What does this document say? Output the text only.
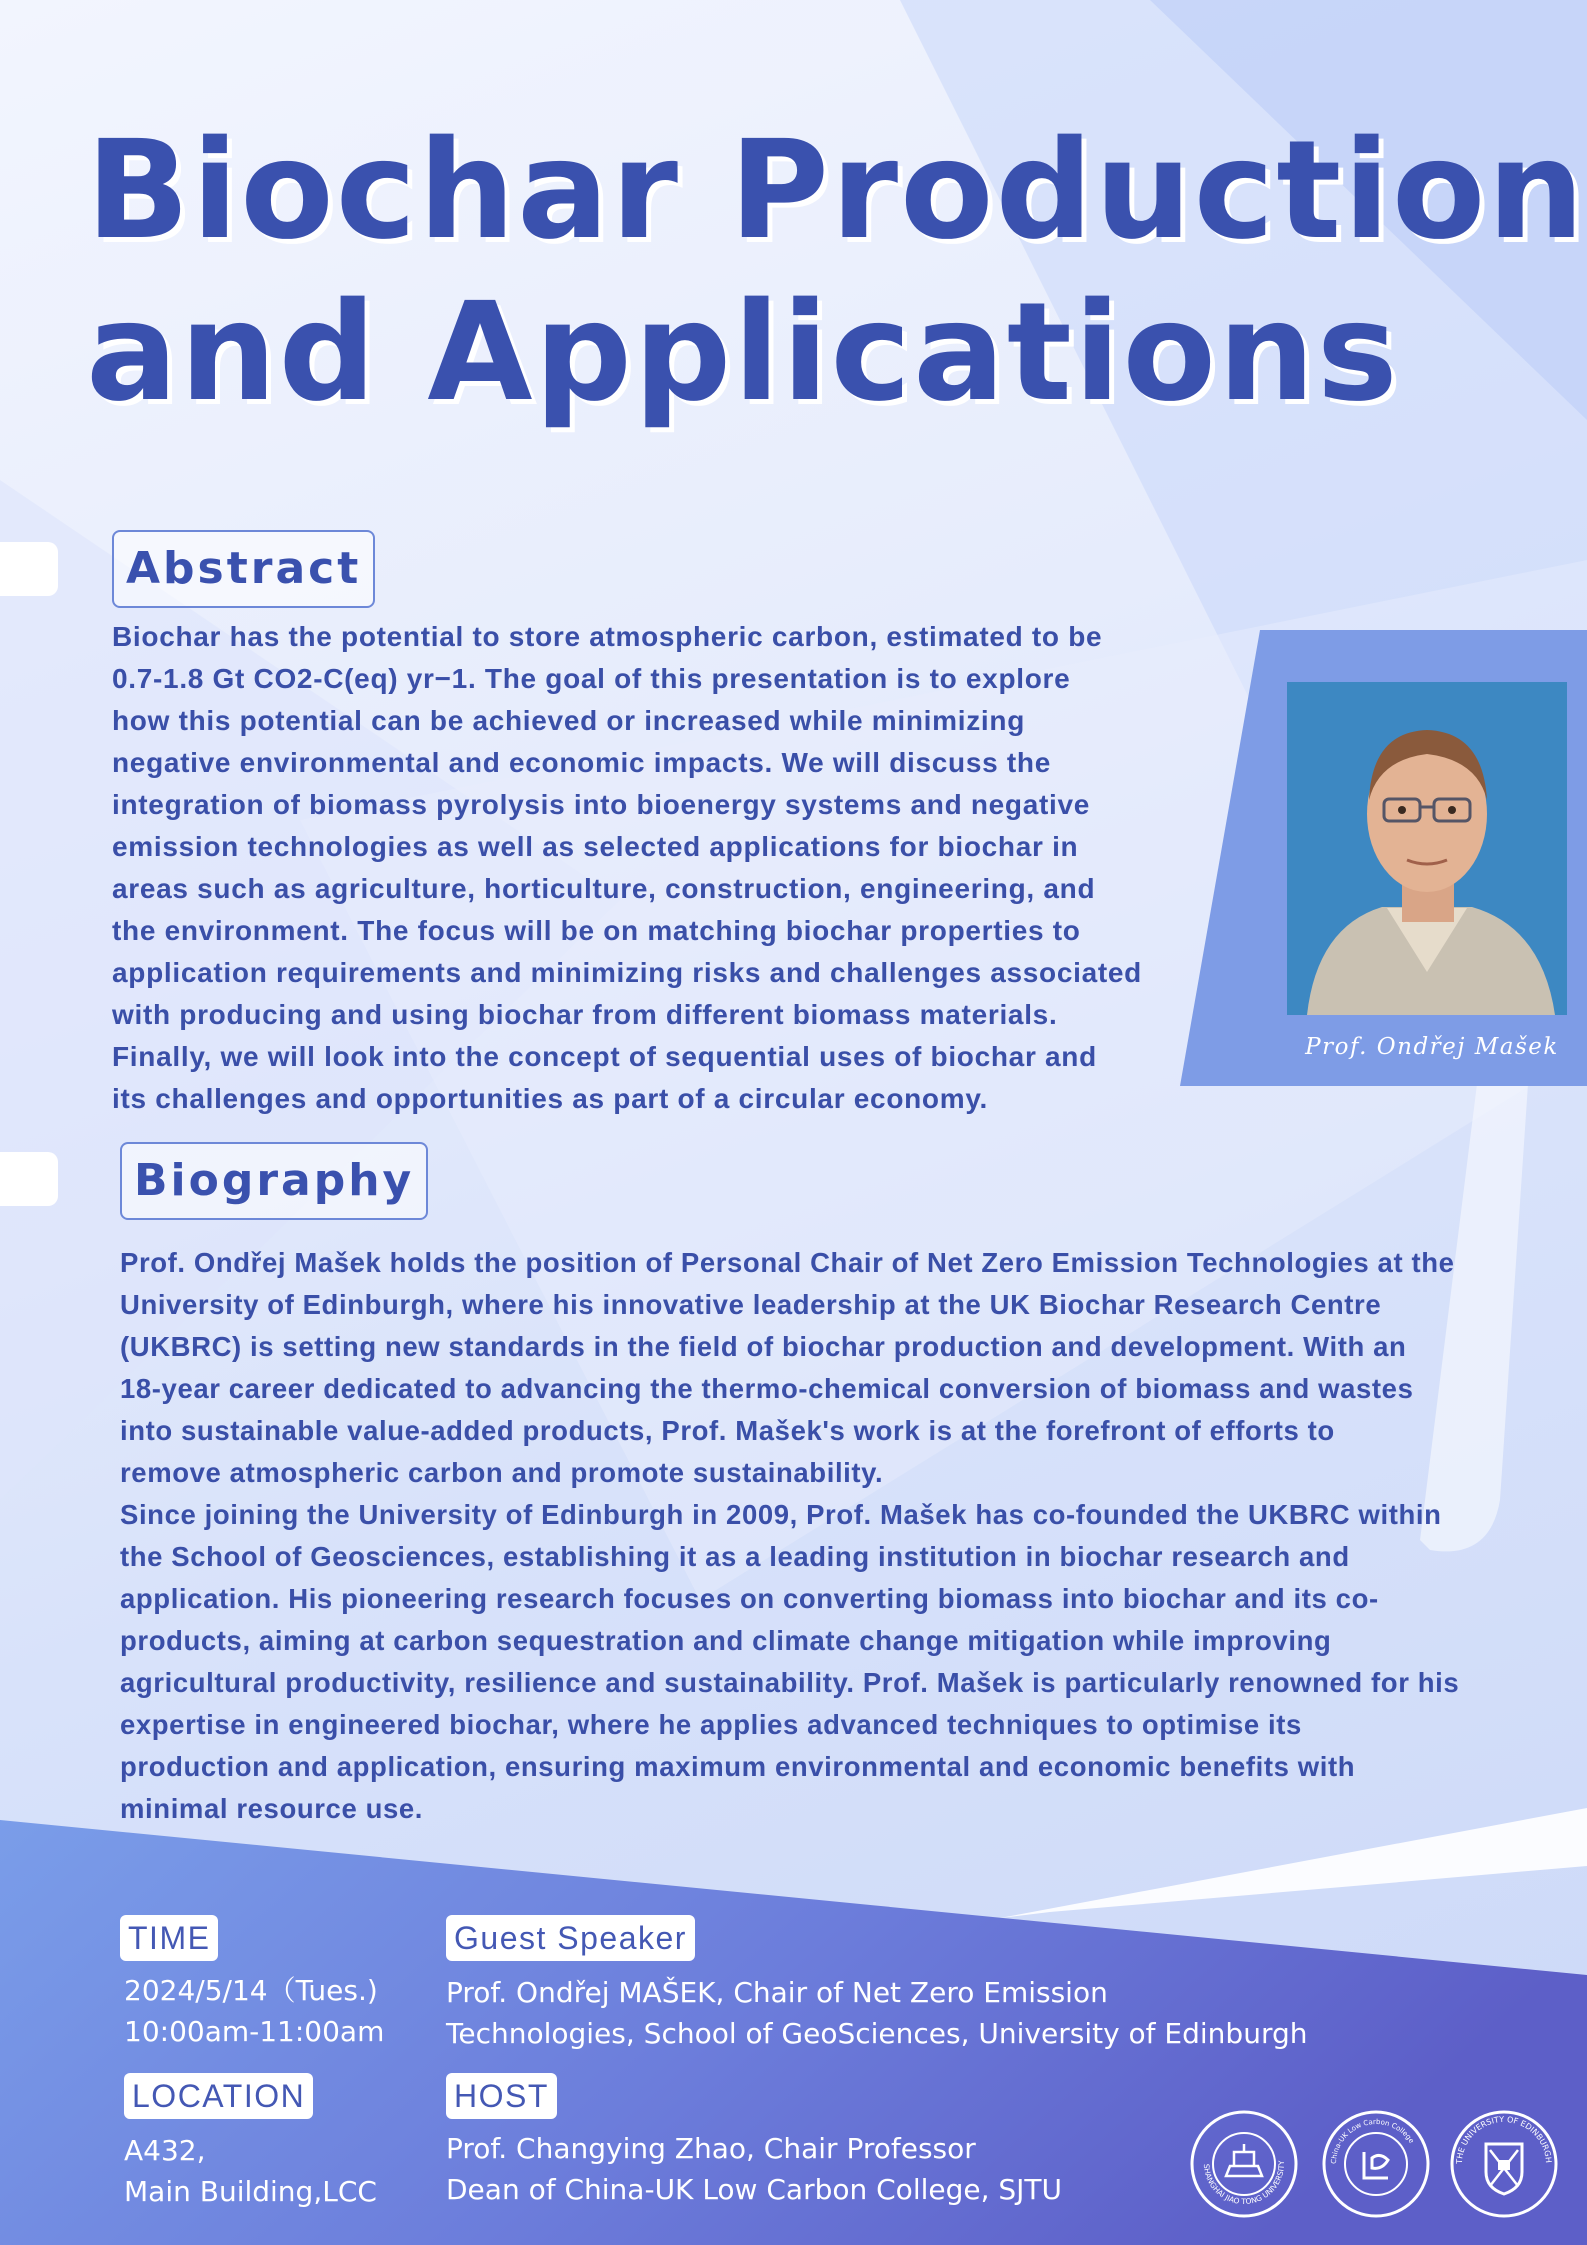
Biochar Production
and Applications
Abstract
Biochar has the potential to store atmospheric carbon, estimated to be
0.7-1.8 Gt CO2-C(eq) yr−1. The goal of this presentation is to explore
how this potential can be achieved or increased while minimizing
negative environmental and economic impacts. We will discuss the
integration of biomass pyrolysis into bioenergy systems and negative
emission technologies as well as selected applications for biochar in
areas such as agriculture, horticulture, construction, engineering, and
the environment. The focus will be on matching biochar properties to
application requirements and minimizing risks and challenges associated
with producing and using biochar from different biomass materials.
Finally, we will look into the concept of sequential uses of biochar and
its challenges and opportunities as part of a circular economy.
Prof. Ondřej Mašek
Biography
Prof. Ondřej Mašek holds the position of Personal Chair of Net Zero Emission Technologies at the
University of Edinburgh, where his innovative leadership at the UK Biochar Research Centre
(UKBRC) is setting new standards in the field of biochar production and development. With an
18-year career dedicated to advancing the thermo-chemical conversion of biomass and wastes
into sustainable value-added products, Prof. Mašek's work is at the forefront of efforts to
remove atmospheric carbon and promote sustainability.
Since joining the University of Edinburgh in 2009, Prof. Mašek has co-founded the UKBRC within
the School of Geosciences, establishing it as a leading institution in biochar research and
application. His pioneering research focuses on converting biomass into biochar and its co-
products, aiming at carbon sequestration and climate change mitigation while improving
agricultural productivity, resilience and sustainability. Prof. Mašek is particularly renowned for his
expertise in engineered biochar, where he applies advanced techniques to optimise its
production and application, ensuring maximum environmental and economic benefits with
minimal resource use.
TIME
2024/5/14（Tues.)
10:00am-11:00am
LOCATION
A432,
Main Building,LCC
Guest Speaker
Prof. Ondřej MAŠEK, Chair of Net Zero Emission
Technologies, School of GeoSciences, University of Edinburgh
HOST
Prof. Changying Zhao, Chair Professor
Dean of China-UK Low Carbon College, SJTU
SHANGHAI JIAO TONG UNIVERSITY	China-UK Low Carbon College
THE UNIVERSITY OF EDINBURGH
